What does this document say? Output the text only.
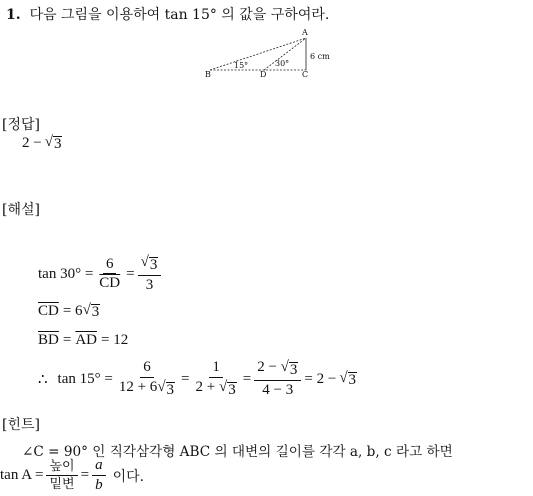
1. 다음 그림을 이용하여 tan 15° 의 값을 구하여라.
A
B	D	C
15°	30°
6 cm
[정답]
2 − √ 3
[해설]
$\tan 30^\circ = \frac{6}{CD} = \frac{√ 3}{3}$
$\overline{CD} = 6$ √ 3
$\overline{BD} = \overline{AD} = 12$
∴ $\tan 15^\circ = \frac{6}{12 + 6 √ 3} = \frac{1}{2 + √ 3} = \frac{2 - √ 3}{4 - 3} = 2$ − √ 3
[힌트]
∠C = 90° 인 직각삼각형 ABC 의 대변의 길이를 각각 a, b, c 라고 하면
$\tan A = \frac{\text{높이}}{\text{밑변}} = \frac{a}{b}$ 이다.
